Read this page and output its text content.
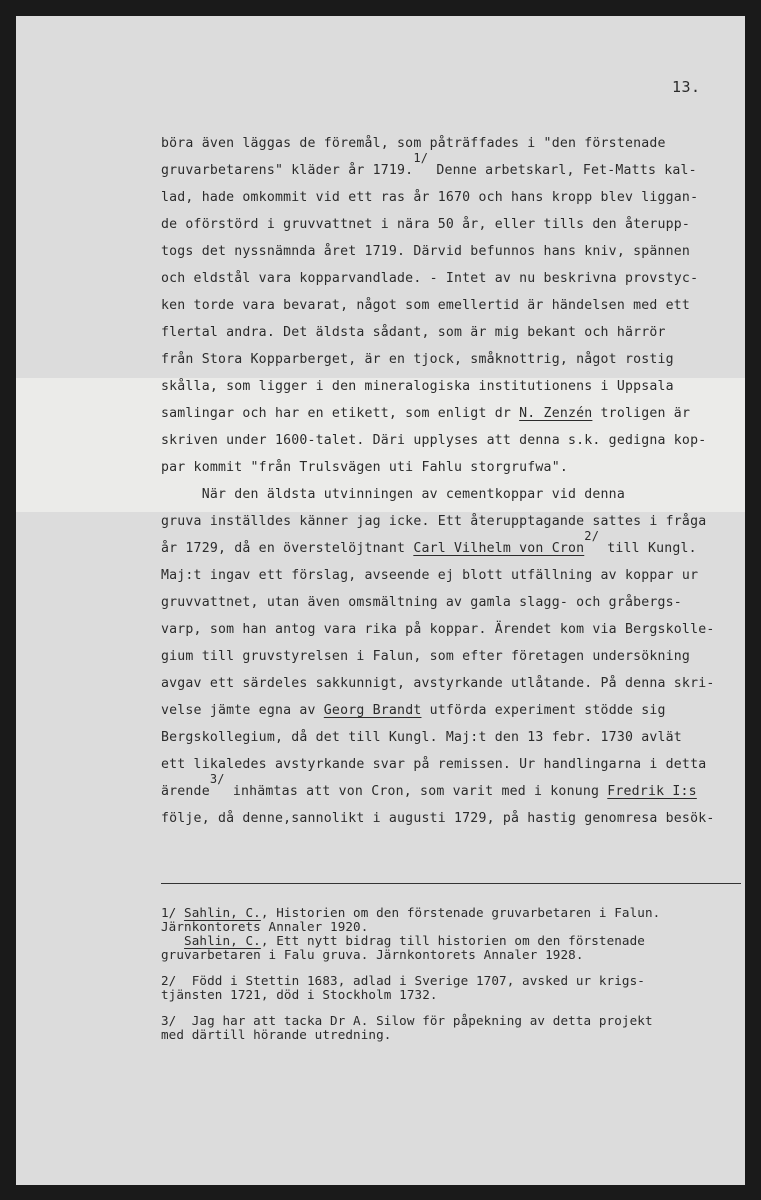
13.
böra även läggas de föremål, som påträffades i "den förstenade
gruvarbetarens" kläder år 1719.1/ Denne arbetskarl, Fet-Matts kal-
lad, hade omkommit vid ett ras år 1670 och hans kropp blev liggan-
de oförstörd i gruvvattnet i nära 50 år, eller tills den återupp-
togs det nyssnämnda året 1719. Därvid befunnos hans kniv, spännen
och eldstål vara kopparvandlade. - Intet av nu beskrivna provstyc-
ken torde vara bevarat, något som emellertid är händelsen med ett
flertal andra. Det äldsta sådant, som är mig bekant och härrör
från Stora Kopparberget, är en tjock, småknottrig, något rostig
skålla, som ligger i den mineralogiska institutionens i Uppsala
samlingar och har en etikett, som enligt dr N. Zenzén troligen är
skriven under 1600-talet. Däri upplyses att denna s.k. gedigna kop-
par kommit "från Trulsvägen uti Fahlu storgrufwa".
När den äldsta utvinningen av cementkoppar vid denna
gruva inställdes känner jag icke. Ett återupptagande sattes i fråga
år 1729, då en överstelöjtnant Carl Vilhelm von Cron2/ till Kungl.
Maj:t ingav ett förslag, avseende ej blott utfällning av koppar ur
gruvvattnet, utan även omsmältning av gamla slagg- och gråbergs-
varp, som han antog vara rika på koppar. Ärendet kom via Bergskolle-
gium till gruvstyrelsen i Falun, som efter företagen undersökning
avgav ett särdeles sakkunnigt, avstyrkande utlåtande. På denna skri-
velse jämte egna av Georg Brandt utförda experiment stödde sig
Bergskollegium, då det till Kungl. Maj:t den 13 febr. 1730 avlät
ett likaledes avstyrkande svar på remissen. Ur handlingarna i detta
ärende3/ inhämtas att von Cron, som varit med i konung Fredrik I:s
följe, då denne,sannolikt i augusti 1729, på hastig genomresa besök-
1/ Sahlin, C., Historien om den förstenade gruvarbetaren i Falun.
Järnkontorets Annaler 1920.
Sahlin, C., Ett nytt bidrag till historien om den förstenade
gruvarbetaren i Falu gruva. Järnkontorets Annaler 1928.
2/  Född i Stettin 1683, adlad i Sverige 1707, avsked ur krigs-
tjänsten 1721, död i Stockholm 1732.
3/  Jag har att tacka Dr A. Silow för påpekning av detta projekt
med därtill hörande utredning.
